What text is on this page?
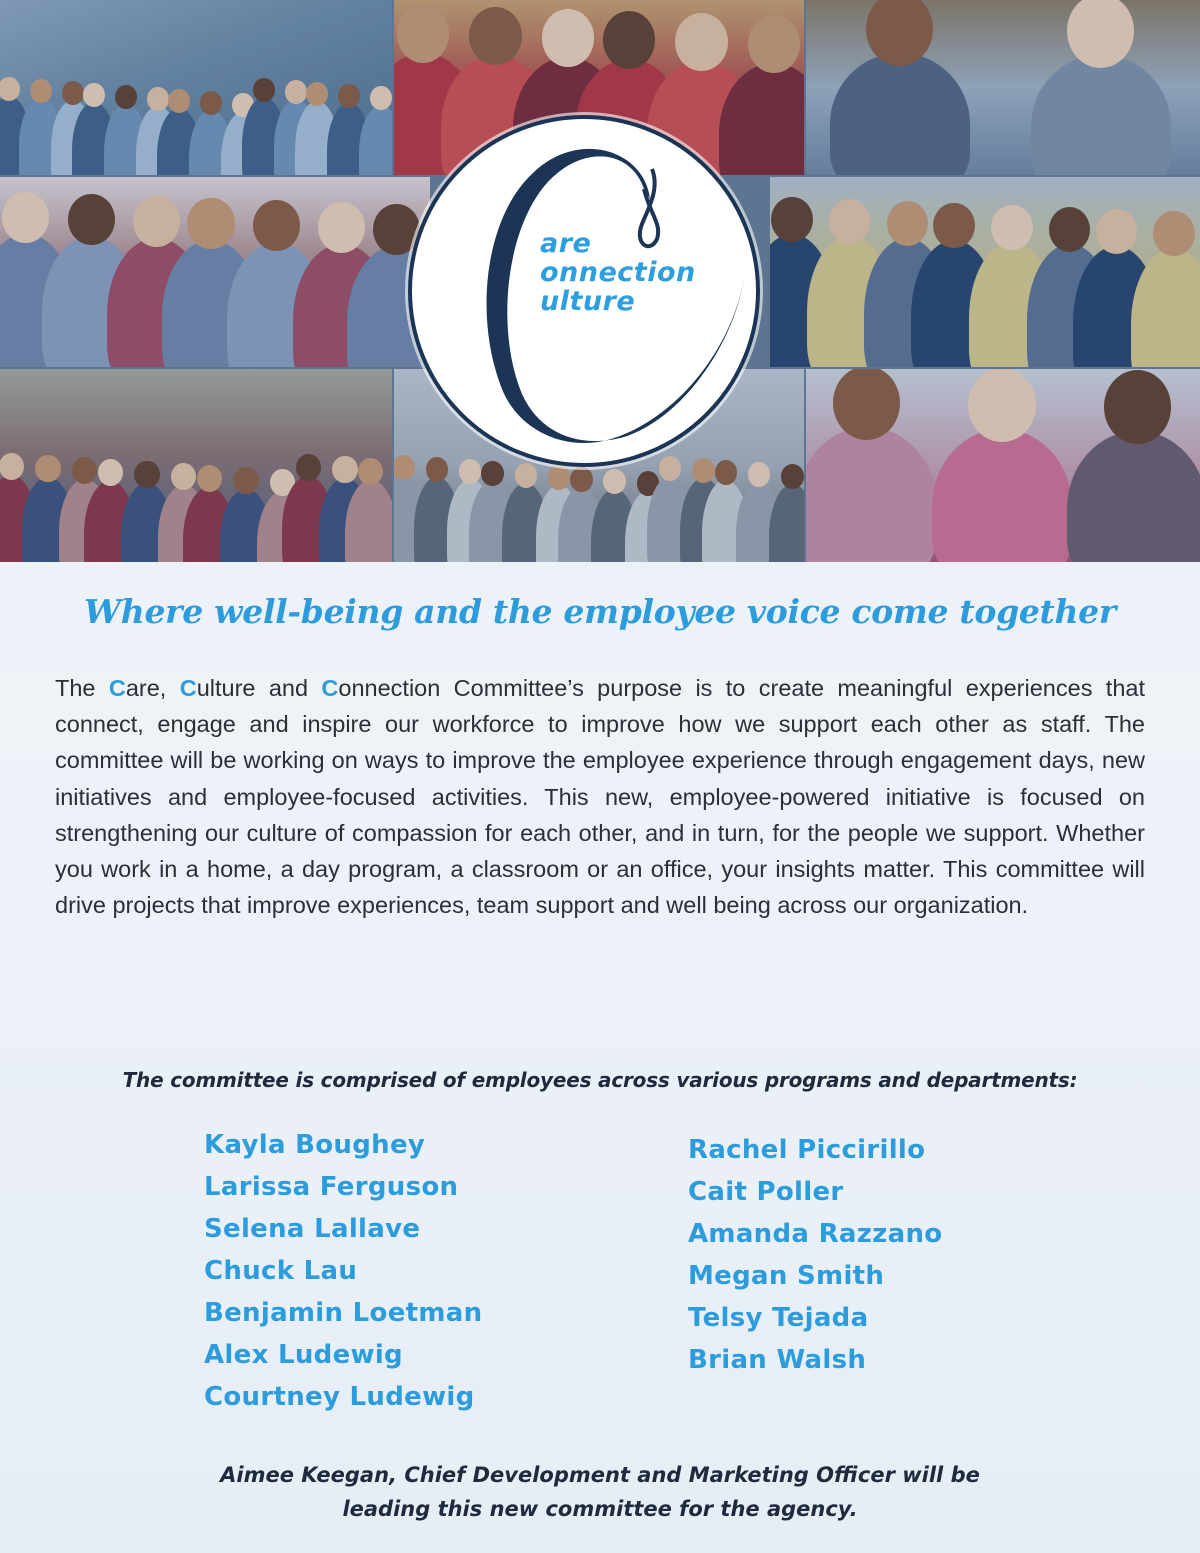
are
onnection
ulture
Where well-being and the employee voice come together

The Care, Culture and Connection Committee’s purpose is to create meaningful experiences that connect, engage and inspire our workforce to improve how we support each other as staff. The committee will be working on ways to improve the employee experience through engagement days, new initiatives and employee-focused activities. This new, employee-powered initiative is focused on strengthening our culture of compassion for each other, and in turn, for the people we support. Whether you work in a home, a day program, a classroom or an office, your insights matter. This committee will drive projects that improve experiences, team support and well being across our organization.

The committee is comprised of employees across various programs and departments:
Kayla Boughey
Larissa Ferguson
Selena Lallave
Chuck Lau
Benjamin Loetman
Alex Ludewig
Courtney Ludewig
Rachel Piccirillo
Cait Poller
Amanda Razzano
Megan Smith
Telsy Tejada
Brian Walsh
Aimee Keegan, Chief Development and Marketing Officer will be
leading this new committee for the agency.
